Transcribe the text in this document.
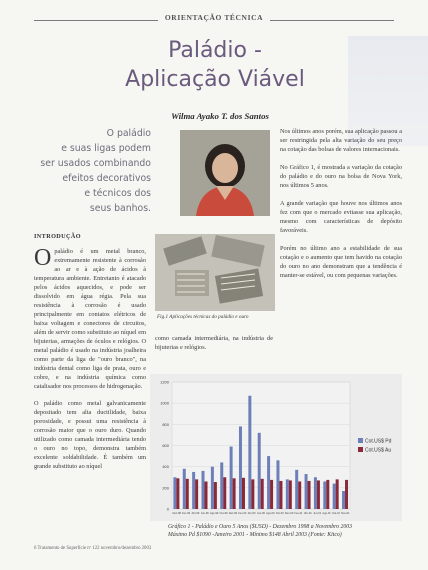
ORIENTAÇÃO TÉCNICA
Paládio -
Aplicação Viável
Wilma Ayako T. dos Santos
O paládio
e suas ligas podem
ser usados combinando
efeitos decorativos
e técnicos dos
seus banhos.

Nos últimos anos porém, sua aplicação passou a ser restringida pela alta variação do seu preço na cotação das bolsas de valores internacionais.

No Gráfico 1, é mostrada a variação da cotação do paládio e do ouro na bolsa de Nova York, nos últimos 5 anos.

A grande variação que houve nos últimos anos fez com que o mercado evitasse sua aplicação, mesmo com características de depósito favoráveis.

Porém no último ano a estabilidade de sua cotação e o aumento que tem havido na cotação do ouro no ano demonstram que a tendência é manter-se estável, ou com pequenas variações.

INTRODUÇÃO

Opaládio é um metal branco, extremamente resistente à corrosão ao ar e à ação de ácidos à temperatura ambiente. Entretanto é atacado pelos ácidos aquecidos, e pode ser dissolvido em água régia. Pela sua resistência à corrosão é usado principalmente em contatos elétricos de baixa voltagem e conectores de circuitos, além de servir como substituto ao níquel em bijuterias, armações de óculos e relógios. O metal paládio é usado na indústria joalheira como parte da liga de "ouro branco", na indústria dental como liga de prata, ouro e cobre, e na indústria química como catalisador nos processos de hidrogenação.

O paládio como metal galvanicamente depositado tem alta ductilidade, baixa porosidade, e possui uma resistência à corrosão maior que o ouro duro. Quando utilizado como camada intermediária tendo o ouro no topo, demonstra também excelente soldabilidade. É também um grande substituto ao níquel

Fig.1 Aplicações técnicas do paládio e ouro
como camada intermediária, na indústria de bijuterias e relógios.
1200
1000
800
600
400
200
0
Dez-98 Fev-99 Abr-99 Jun-99 Ago-99 Out-99 Dez-99 Fev-00 Abr-00 Jun-00 Ago-00 Out-00 Dez-00 Fev-01 Abr-01 Jun-01 Ago-01 Out-01 Nov-01
Cot.US$ Pd
Cot.US$ Au
Gráfico 1 - Paládio e Ouro 5 Anos ($USD) - Dezembro 1998 a Novembro 2003
Máximo Pd $1090 -Janeiro 2001 - Mínimo $148 Abril 2003 (Fonte: Kitco)
6 Tratamento de Superfície nº 122 novembro/dezembro 2003
